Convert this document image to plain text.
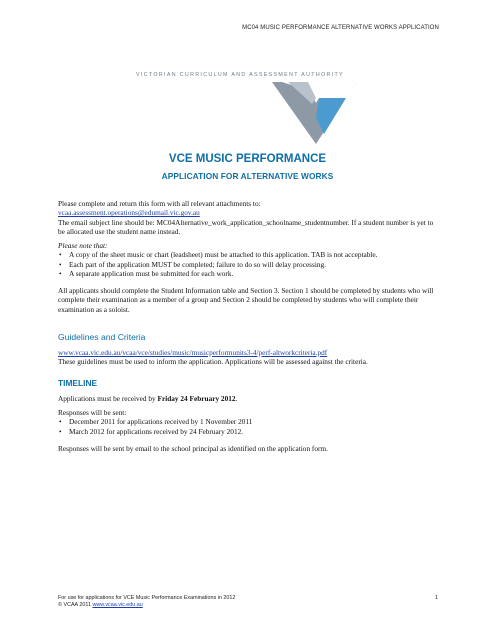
MC04 MUSIC PERFORMANCE ALTERNATIVE WORKS APPLICATION
VICTORIAN CURRICULUM AND ASSESSMENT AUTHORITY
VCE MUSIC PERFORMANCE
APPLICATION FOR ALTERNATIVE WORKS

Please complete and return this form with all relevant attachments to:

vcaa.assessment.operations@edumail.vic.gov.au

The email subject line should be: MC04Alternative_work_application_schoolname_studentnumber. If a student number is yet to be allocated use the student name instead.

Please note that:

• A copy of the sheet music or chart (leadsheet) must be attached to this application. TAB is not acceptable.
• Each part of the application MUST be completed; failure to do so will delay processing.
• A separate application must be submitted for each work.

All applicants should complete the Student Information table and Section 3. Section 1 should be completed by students who will complete their examination as a member of a group and Section 2 should be completed by students who will complete their examination as a soloist.

Guidelines and Criteria

www.vcaa.vic.edu.au/vcaa/vce/studies/music/musicperformunits3-4/perf-altworkcriteria.pdf

These guidelines must be used to inform the application. Applications will be assessed against the criteria.

TIMELINE

Applications must be received by Friday 24 February 2012.

Responses will be sent:

• December 2011 for applications received by 1 November 2011
• March 2012 for applications received by 24 February 2012.

Responses will be sent by email to the school principal as identified on the application form.

For use for applications for VCE Music Performance Examinations in 2012	1
© VCAA 2011 www.vcaa.vic.edu.au
